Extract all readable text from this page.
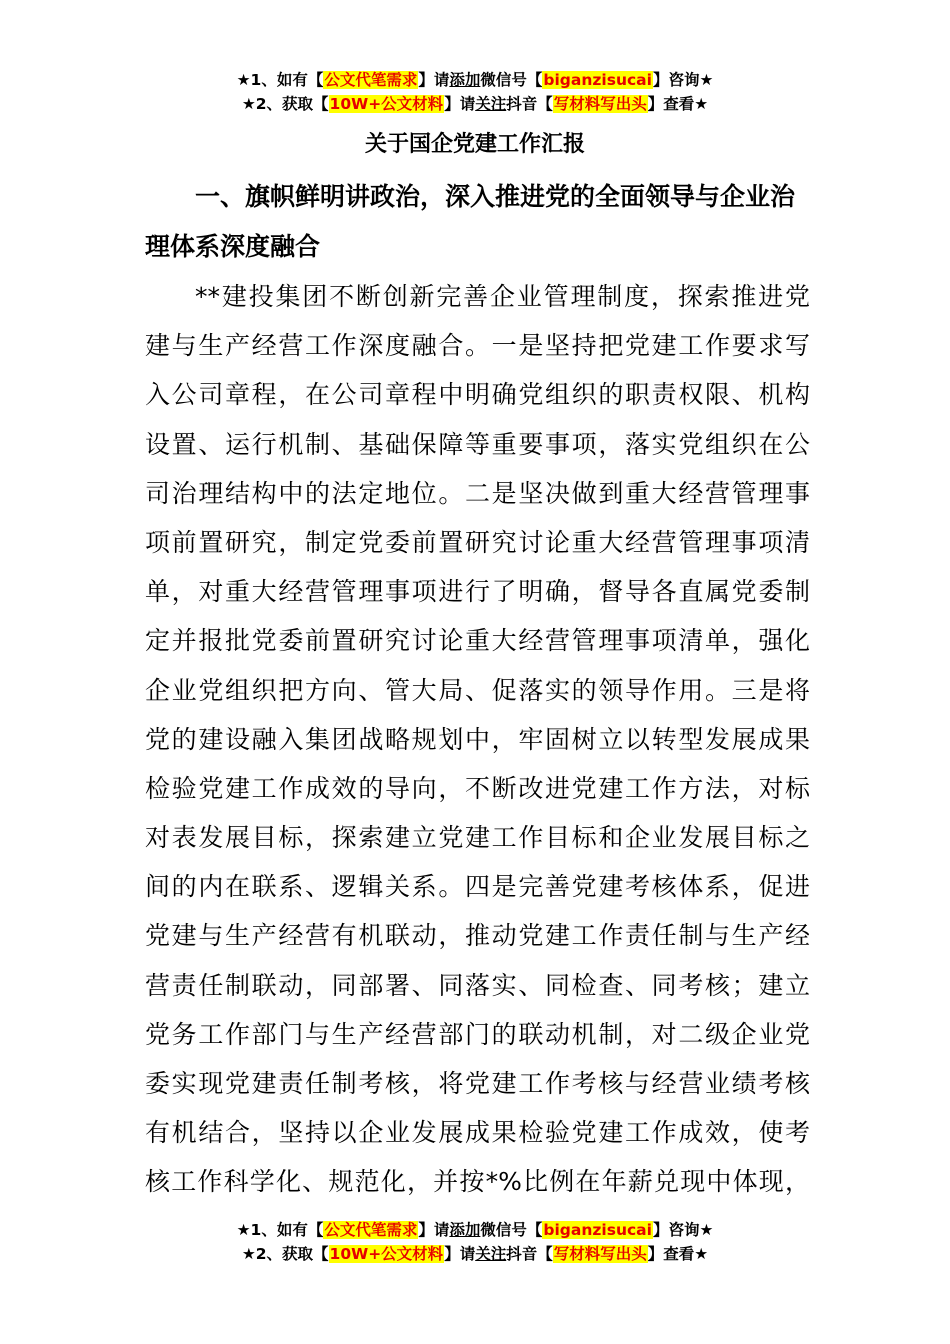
★1、如有【公文代笔需求】请添加微信号【biganzisucai】咨询★
★2、获取【10W+公文材料】请关注抖音【写材料写出头】查看★
关于国企党建工作汇报
一、旗帜鲜明讲政治，深入推进党的全面领导与企业治理体系深度融合
**建投集团不断创新完善企业管理制度，探索推进党
建与生产经营工作深度融合。一是坚持把党建工作要求写
入公司章程，在公司章程中明确党组织的职责权限、机构
设置、运行机制、基础保障等重要事项，落实党组织在公
司治理结构中的法定地位。二是坚决做到重大经营管理事
项前置研究，制定党委前置研究讨论重大经营管理事项清
单，对重大经营管理事项进行了明确，督导各直属党委制
定并报批党委前置研究讨论重大经营管理事项清单，强化
企业党组织把方向、管大局、促落实的领导作用。三是将
党的建设融入集团战略规划中，牢固树立以转型发展成果
检验党建工作成效的导向，不断改进党建工作方法，对标
对表发展目标，探索建立党建工作目标和企业发展目标之
间的内在联系、逻辑关系。四是完善党建考核体系，促进
党建与生产经营有机联动，推动党建工作责任制与生产经
营责任制联动，同部署、同落实、同检查、同考核；建立
党务工作部门与生产经营部门的联动机制，对二级企业党
委实现党建责任制考核，将党建工作考核与经营业绩考核
有机结合，坚持以企业发展成果检验党建工作成效，使考
核工作科学化、规范化，并按*%比例在年薪兑现中体现，
★1、如有【公文代笔需求】请添加微信号【biganzisucai】咨询★
★2、获取【10W+公文材料】请关注抖音【写材料写出头】查看★
